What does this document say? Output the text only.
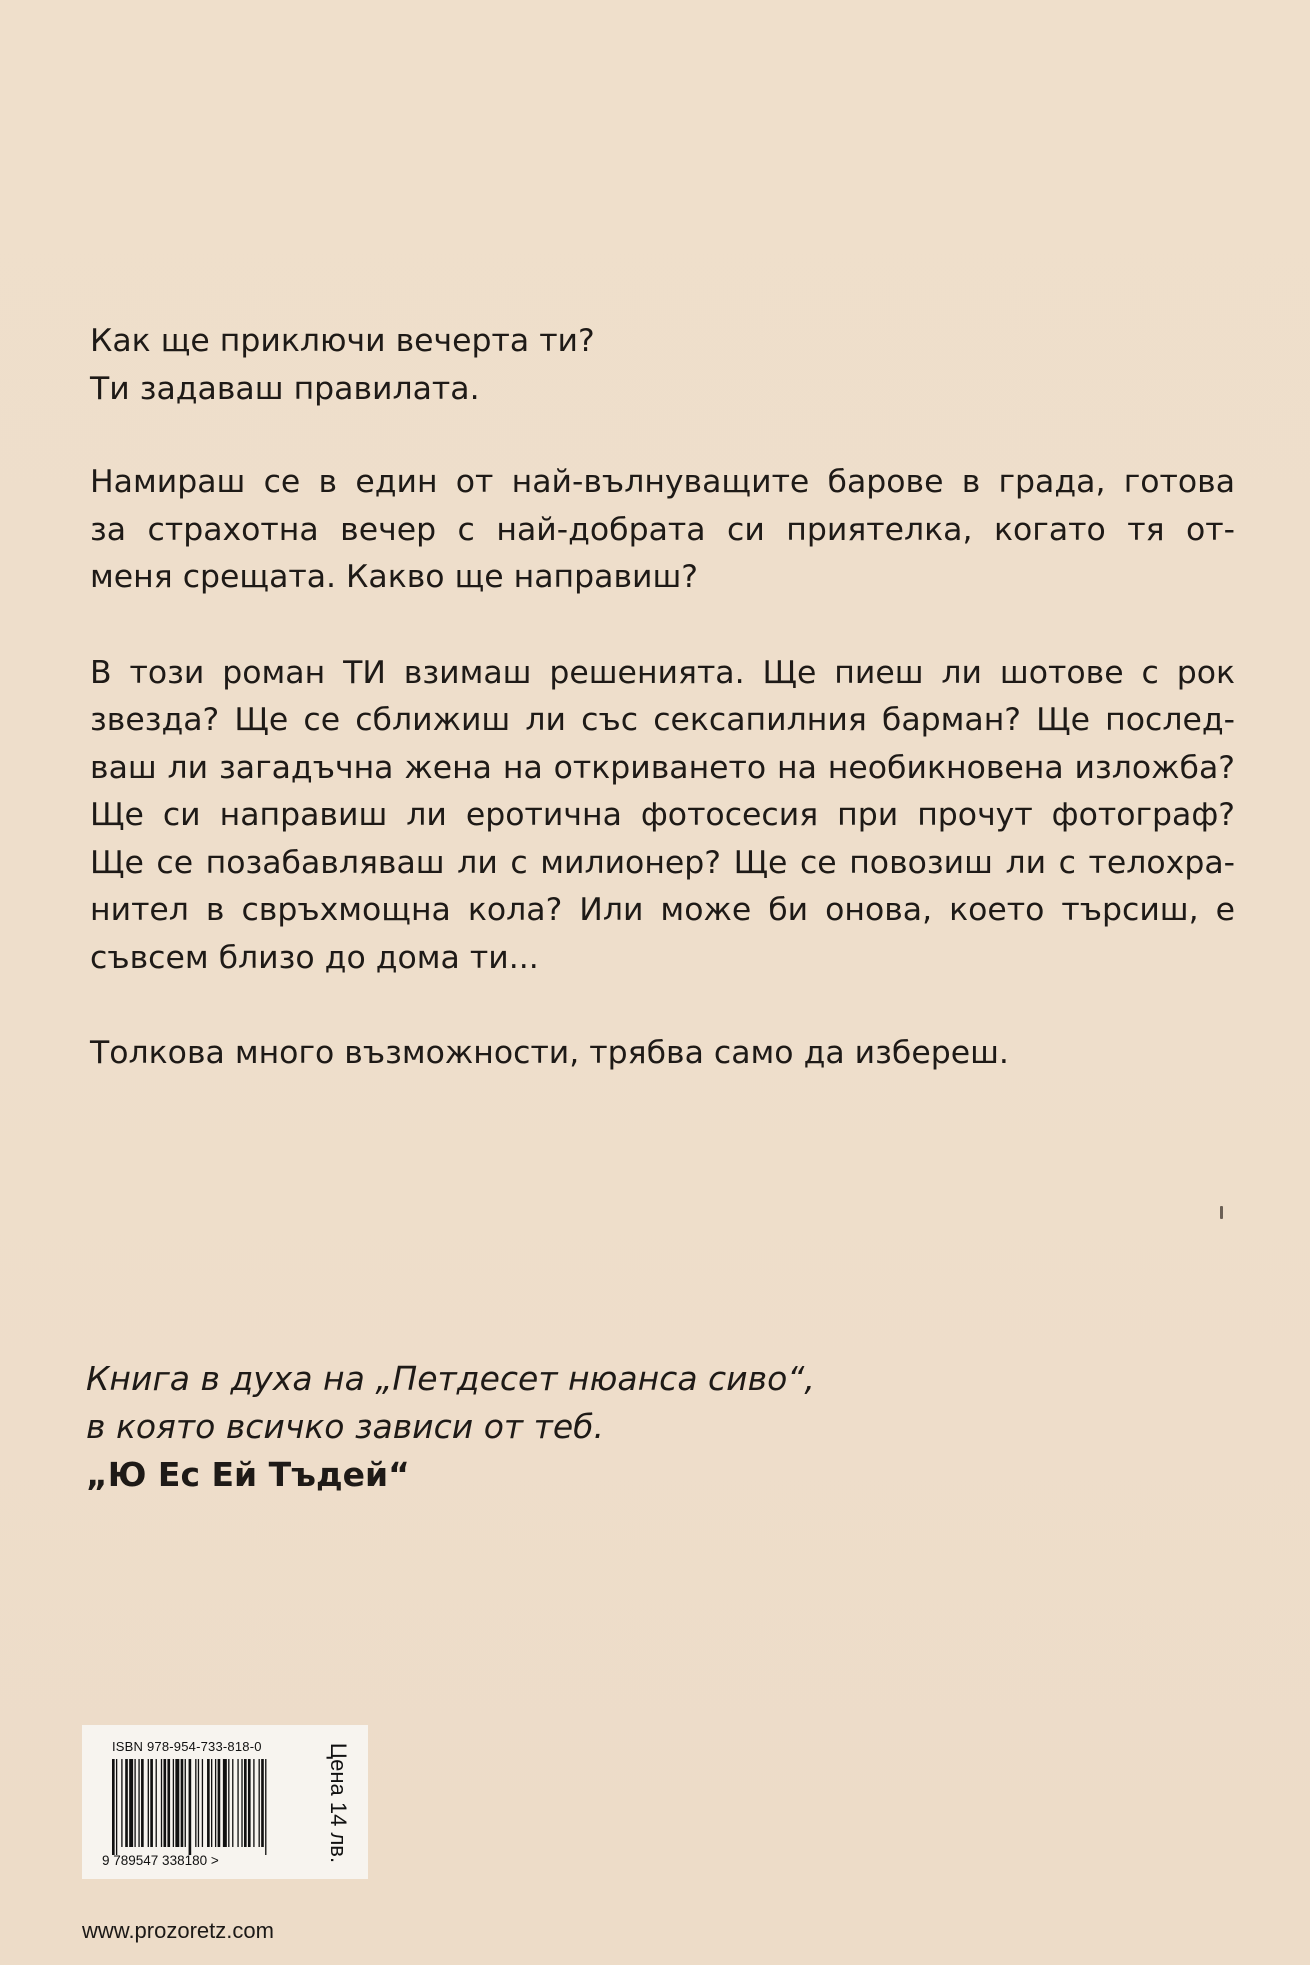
Как ще приключи вечерта ти?
Ти задаваш правилата.
Намираш се в един от най-вълнуващите барове в града, готова
за страхотна вечер с най-добрата си приятелка, когато тя от-
меня срещата. Какво ще направиш?
В този роман ТИ взимаш решенията. Ще пиеш ли шотове с рок
звезда? Ще се сближиш ли със сексапилния барман? Ще послед-
ваш ли загадъчна жена на откриването на необикновена изложба?
Ще си направиш ли еротична фотосесия при прочут фотограф?
Ще се позабавляваш ли с милионер? Ще се повозиш ли с телохра-
нител в свръхмощна кола? Или може би онова, което търсиш, е
съвсем близо до дома ти...
Толкова много възможности, трябва само да избереш.
Книга в духа на „Петдесет нюанса сиво“,
в която всичко зависи от теб.
„Ю Ес Ей Тъдей“
ISBN 978-954-733-818-0
9 789547 338180 >	Цена 14 лв.
www.prozoretz.com
